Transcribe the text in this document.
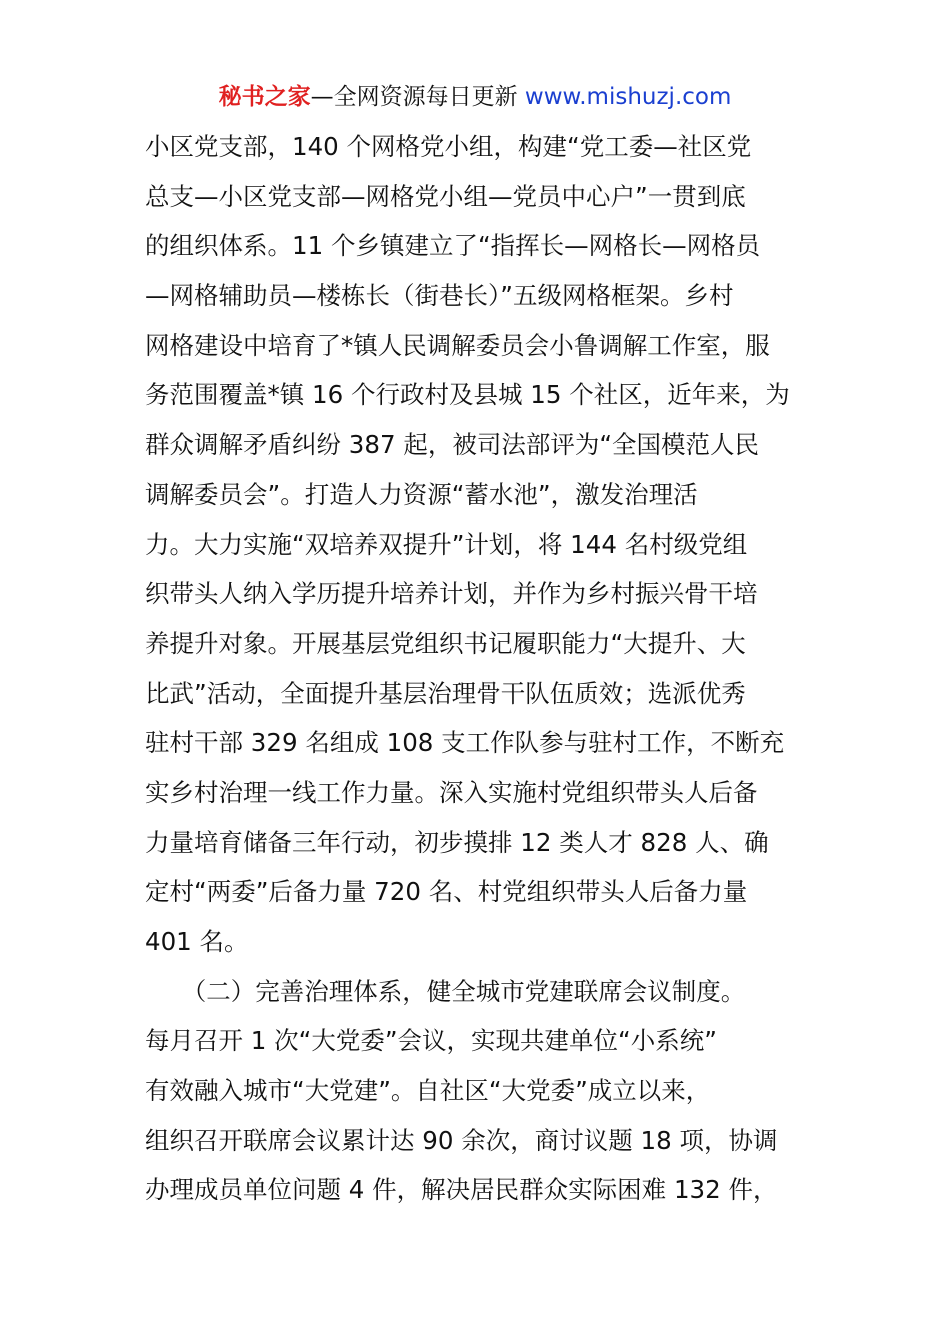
秘书之家—全网资源每日更新 www.mishuzj.com
小区党支部，140 个网格党小组，构建“党工委—社区党
总支—小区党支部—网格党小组—党员中心户”一贯到底
的组织体系。11 个乡镇建立了“指挥长—网格长—网格员
—网格辅助员—楼栋长（街巷长）”五级网格框架。乡村
网格建设中培育了*镇人民调解委员会小鲁调解工作室，服
务范围覆盖*镇 16 个行政村及县城 15 个社区，近年来，为
群众调解矛盾纠纷 387 起，被司法部评为“全国模范人民
调解委员会”。打造人力资源“蓄水池”，激发治理活
力。大力实施“双培养双提升”计划，将 144 名村级党组
织带头人纳入学历提升培养计划，并作为乡村振兴骨干培
养提升对象。开展基层党组织书记履职能力“大提升、大
比武”活动，全面提升基层治理骨干队伍质效；选派优秀
驻村干部 329 名组成 108 支工作队参与驻村工作，不断充
实乡村治理一线工作力量。深入实施村党组织带头人后备
力量培育储备三年行动，初步摸排 12 类人才 828 人、确
定村“两委”后备力量 720 名、村党组织带头人后备力量
401 名。
　　（二）完善治理体系，健全城市党建联席会议制度。
每月召开 1 次“大党委”会议，实现共建单位“小系统”
有效融入城市“大党建”。自社区“大党委”成立以来，
组织召开联席会议累计达 90 余次，商讨议题 18 项，协调
办理成员单位问题 4 件，解决居民群众实际困难 132 件，
